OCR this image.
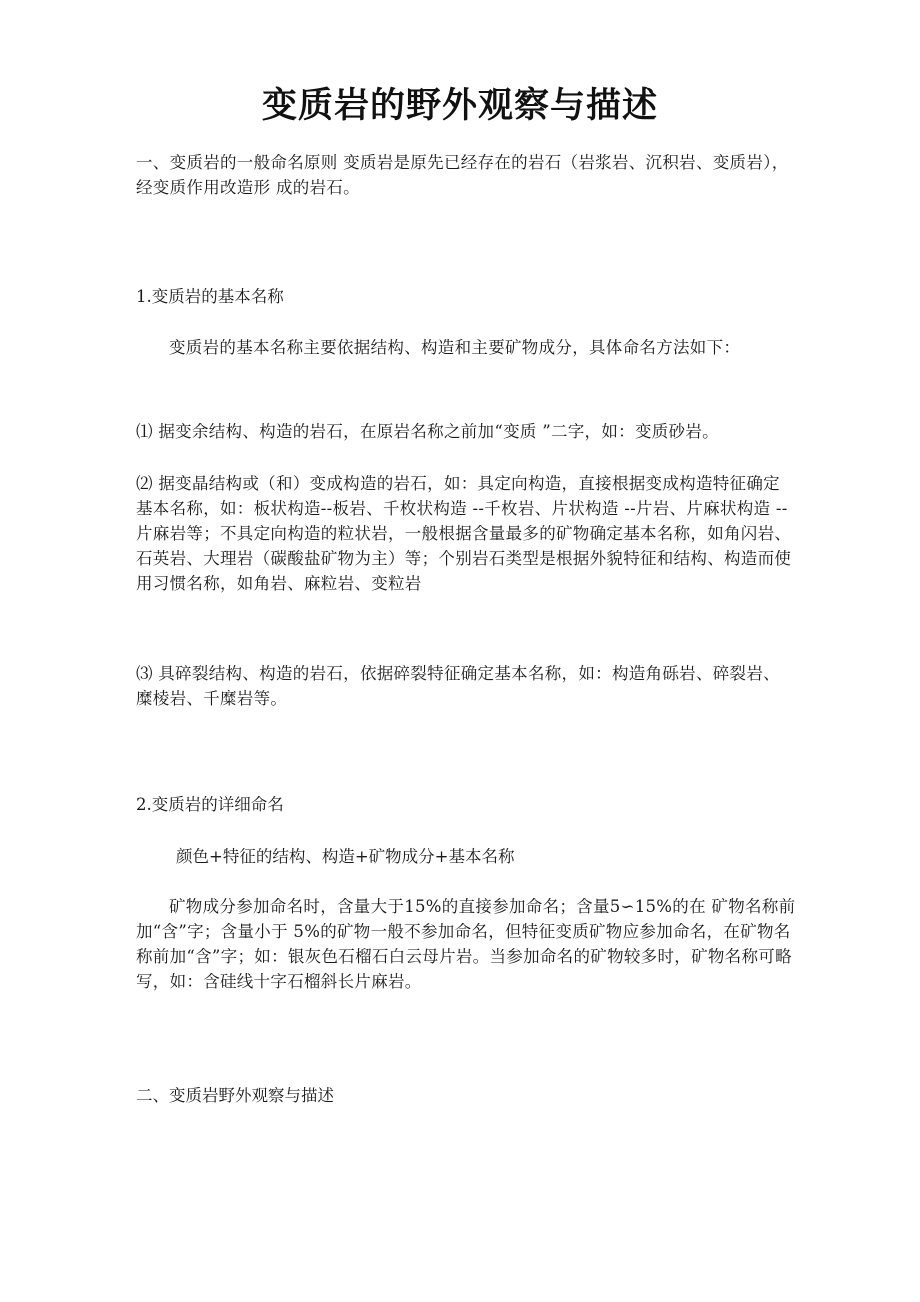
变质岩的野外观察与描述

一、变质岩的一般命名原则 变质岩是原先已经存在的岩石（岩浆岩、沉积岩、变质岩），经变质作用改造形 成的岩石。

1.变质岩的基本名称

变质岩的基本名称主要依据结构、构造和主要矿物成分，具体命名方法如下：

⑴ 据变余结构、构造的岩石，在原岩名称之前加“变质 ”二字，如：变质砂岩。

⑵ 据变晶结构或（和）变成构造的岩石，如：具定向构造，直接根据变成构造特征确定基本名称，如：板状构造--板岩、千枚状构造 --千枚岩、片状构造 --片岩、片麻状构造 --片麻岩等；不具定向构造的粒状岩，一般根据含量最多的矿物确定基本名称，如角闪岩、石英岩、大理岩（碳酸盐矿物为主）等；个别岩石类型是根据外貌特征和结构、构造而使用习惯名称，如角岩、麻粒岩、变粒岩

⑶ 具碎裂结构、构造的岩石，依据碎裂特征确定基本名称，如：构造角砾岩、碎裂岩、糜棱岩、千糜岩等。

2.变质岩的详细命名

颜色+特征的结构、构造+矿物成分+基本名称

矿物成分参加命名时，含量大于15%的直接参加命名；含量5∽15%的在 矿物名称前加“含”字；含量小于 5%的矿物一般不参加命名，但特征变质矿物应参加命名，在矿物名称前加“含”字；如：银灰色石榴石白云母片岩。当参加命名的矿物较多时，矿物名称可略写，如：含硅线十字石榴斜长片麻岩。

二、变质岩野外观察与描述
